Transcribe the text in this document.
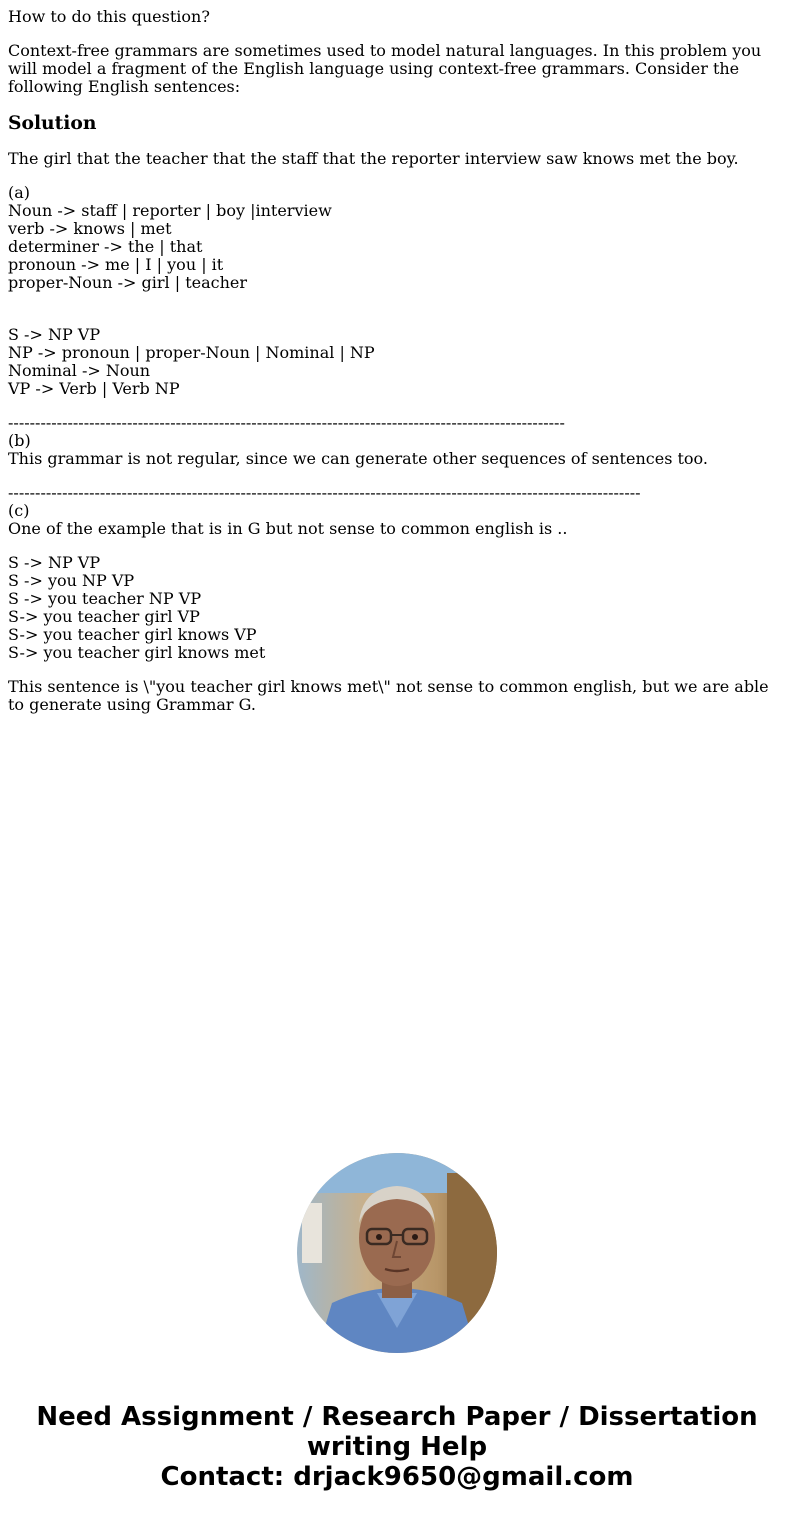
How to do this question?

Context-free grammars are sometimes used to model natural languages. In this problem you will model a fragment of the English language using context-free grammars. Consider the following English sentences:

Solution

The girl that the teacher that the staff that the reporter interview saw knows met the boy.

(a)
Noun -> staff | reporter | boy |interview
verb -> knows | met
determiner -> the | that
pronoun -> me | I | you | it
proper-Noun -> girl | teacher
S -> NP VP
NP -> pronoun | proper-Noun | Nominal | NP
Nominal -> Noun
VP -> Verb | Verb NP
-------------------------------------------------------------------------------------------------------
(b)
This grammar is not regular, since we can generate other sequences of sentences too.
---------------------------------------------------------------------------------------------------------------------
(c)
One of the example that is in G but not sense to common english is ..
S -> NP VP
S -> you NP VP
S -> you teacher NP VP
S-> you teacher girl VP
S-> you teacher girl knows VP
S-> you teacher girl knows met

This sentence is \"you teacher girl knows met\" not sense to common english, but we are able to generate using Grammar G.

Need Assignment / Research Paper / Dissertation
writing Help
Contact: drjack9650@gmail.com
